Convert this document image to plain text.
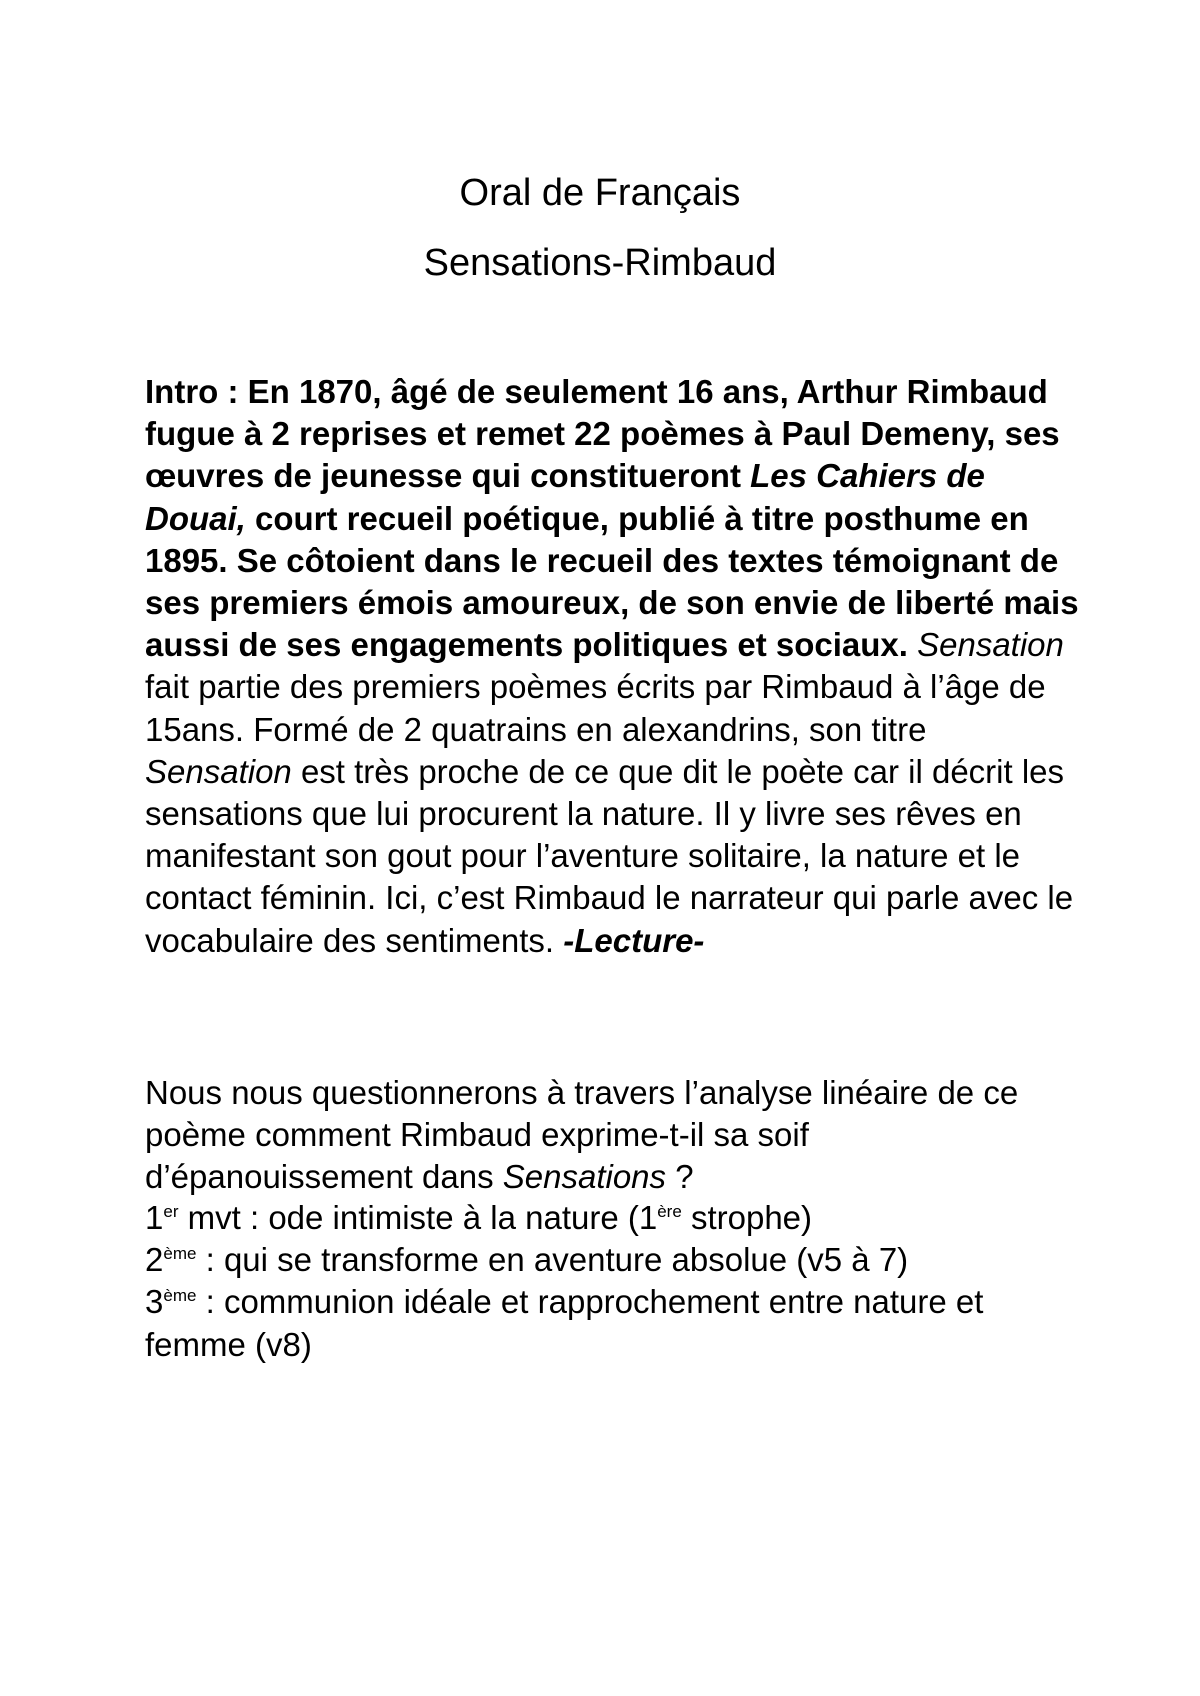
Oral de Français
Sensations-Rimbaud

Intro : En 1870, âgé de seulement 16 ans, Arthur Rimbaud fugue à 2 reprises et remet 22 poèmes à Paul Demeny, ses œuvres de jeunesse qui constitueront Les Cahiers de Douai, court recueil poétique, publié à titre posthume en 1895. Se côtoient dans le recueil des textes témoignant de ses premiers émois amoureux, de son envie de liberté mais aussi de ses engagements politiques et sociaux. Sensation fait partie des premiers poèmes écrits par Rimbaud à l’âge de 15ans. Formé de 2 quatrains en alexandrins, son titre Sensation est très proche de ce que dit le poète car il décrit les sensations que lui procurent la nature. Il y livre ses rêves en manifestant son gout pour l’aventure solitaire, la nature et le contact féminin. Ici, c’est Rimbaud le narrateur qui parle avec le vocabulaire des sentiments. -Lecture-

Nous nous questionnerons à travers l’analyse linéaire de ce poème comment Rimbaud exprime-t-il sa soif d’épanouissement dans Sensations ?

1er mvt : ode intimiste à la nature (1ère strophe)
2ème : qui se transforme en aventure absolue (v5 à 7)
3ème : communion idéale et rapprochement entre nature et femme (v8)
